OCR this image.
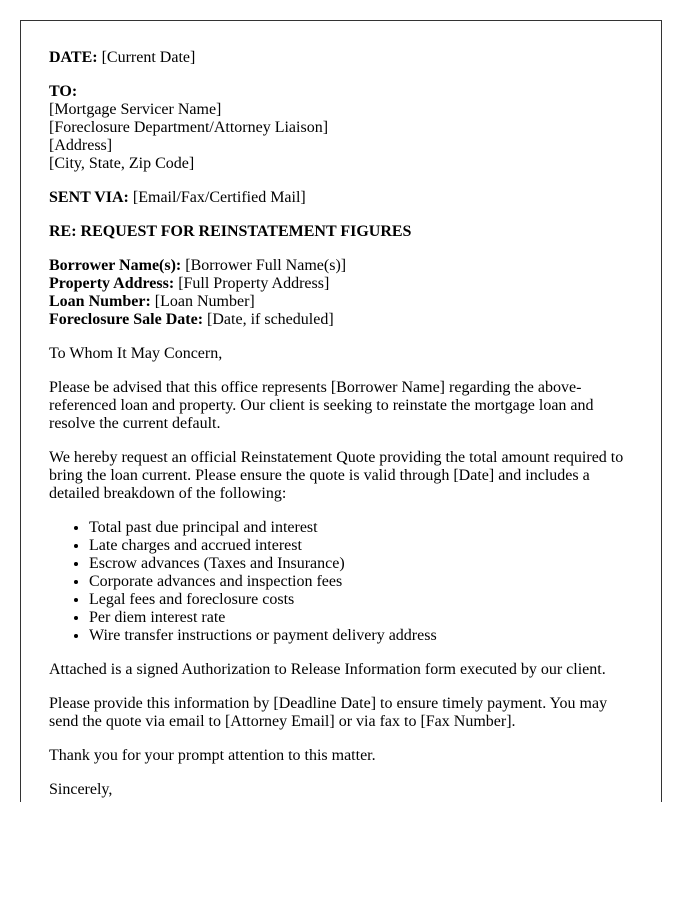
DATE: [Current Date]

TO:
[Mortgage Servicer Name]
[Foreclosure Department/Attorney Liaison]
[Address]
[City, State, Zip Code]

SENT VIA: [Email/Fax/Certified Mail]

RE: REQUEST FOR REINSTATEMENT FIGURES

Borrower Name(s): [Borrower Full Name(s)]
Property Address: [Full Property Address]
Loan Number: [Loan Number]
Foreclosure Sale Date: [Date, if scheduled]

To Whom It May Concern,

Please be advised that this office represents [Borrower Name] regarding the above-referenced loan and property. Our client is seeking to reinstate the mortgage loan and resolve the current default.

We hereby request an official Reinstatement Quote providing the total amount required to bring the loan current. Please ensure the quote is valid through [Date] and includes a detailed breakdown of the following:

• Total past due principal and interest
• Late charges and accrued interest
• Escrow advances (Taxes and Insurance)
• Corporate advances and inspection fees
• Legal fees and foreclosure costs
• Per diem interest rate
• Wire transfer instructions or payment delivery address

Attached is a signed Authorization to Release Information form executed by our client.

Please provide this information by [Deadline Date] to ensure timely payment. You may send the quote via email to [Attorney Email] or via fax to [Fax Number].

Thank you for your prompt attention to this matter.

Sincerely,
